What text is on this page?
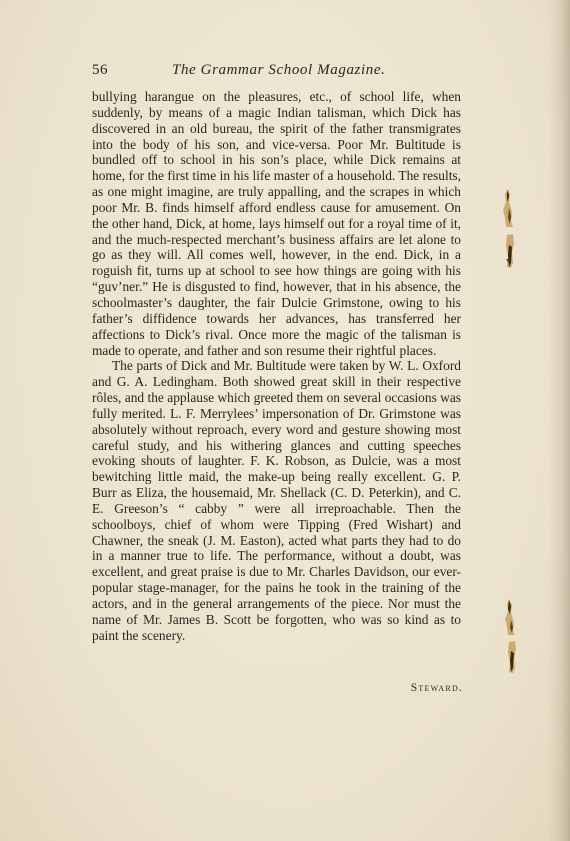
56	The Grammar School Magazine.

bullying harangue on the pleasures, etc., of school life, when suddenly, by means of a magic Indian talisman, which Dick has discovered in an old bureau, the spirit of the father transmigrates into the body of his son, and vice-versa. Poor Mr. Bultitude is bundled off to school in his son’s place, while Dick remains at home, for the first time in his life master of a household. The results, as one might imagine, are truly appalling, and the scrapes in which poor Mr. B. finds himself afford endless cause for amusement. On the other hand, Dick, at home, lays himself out for a royal time of it, and the much-respected merchant’s business affairs are let alone to go as they will. All comes well, however, in the end. Dick, in a roguish fit, turns up at school to see how things are going with his “guv’ner.” He is disgusted to find, however, that in his absence, the schoolmaster’s daughter, the fair Dulcie Grimstone, owing to his father’s diffidence towards her advances, has transferred her affections to Dick’s rival. Once more the magic of the talisman is made to operate, and father and son resume their rightful places.

The parts of Dick and Mr. Bultitude were taken by W. L. Oxford and G. A. Ledingham. Both showed great skill in their respective rôles, and the applause which greeted them on several occasions was fully merited. L. F. Merrylees’ impersonation of Dr. Grimstone was absolutely without reproach, every word and gesture showing most careful study, and his withering glances and cutting speeches evoking shouts of laughter. F. K. Robson, as Dulcie, was a most bewitching little maid, the make-up being really excellent. G. P. Burr as Eliza, the housemaid, Mr. Shellack (C. D. Peterkin), and C. E. Greeson’s “ cabby ” were all irreproachable. Then the schoolboys, chief of whom were Tipping (Fred Wishart) and Chawner, the sneak (J. M. Easton), acted what parts they had to do in a manner true to life. The performance, without a doubt, was excellent, and great praise is due to Mr. Charles Davidson, our ever-popular stage-manager, for the pains he took in the training of the actors, and in the general arrangements of the piece. Nor must the name of Mr. James B. Scott be forgotten, who was so kind as to paint the scenery.

Steward.
